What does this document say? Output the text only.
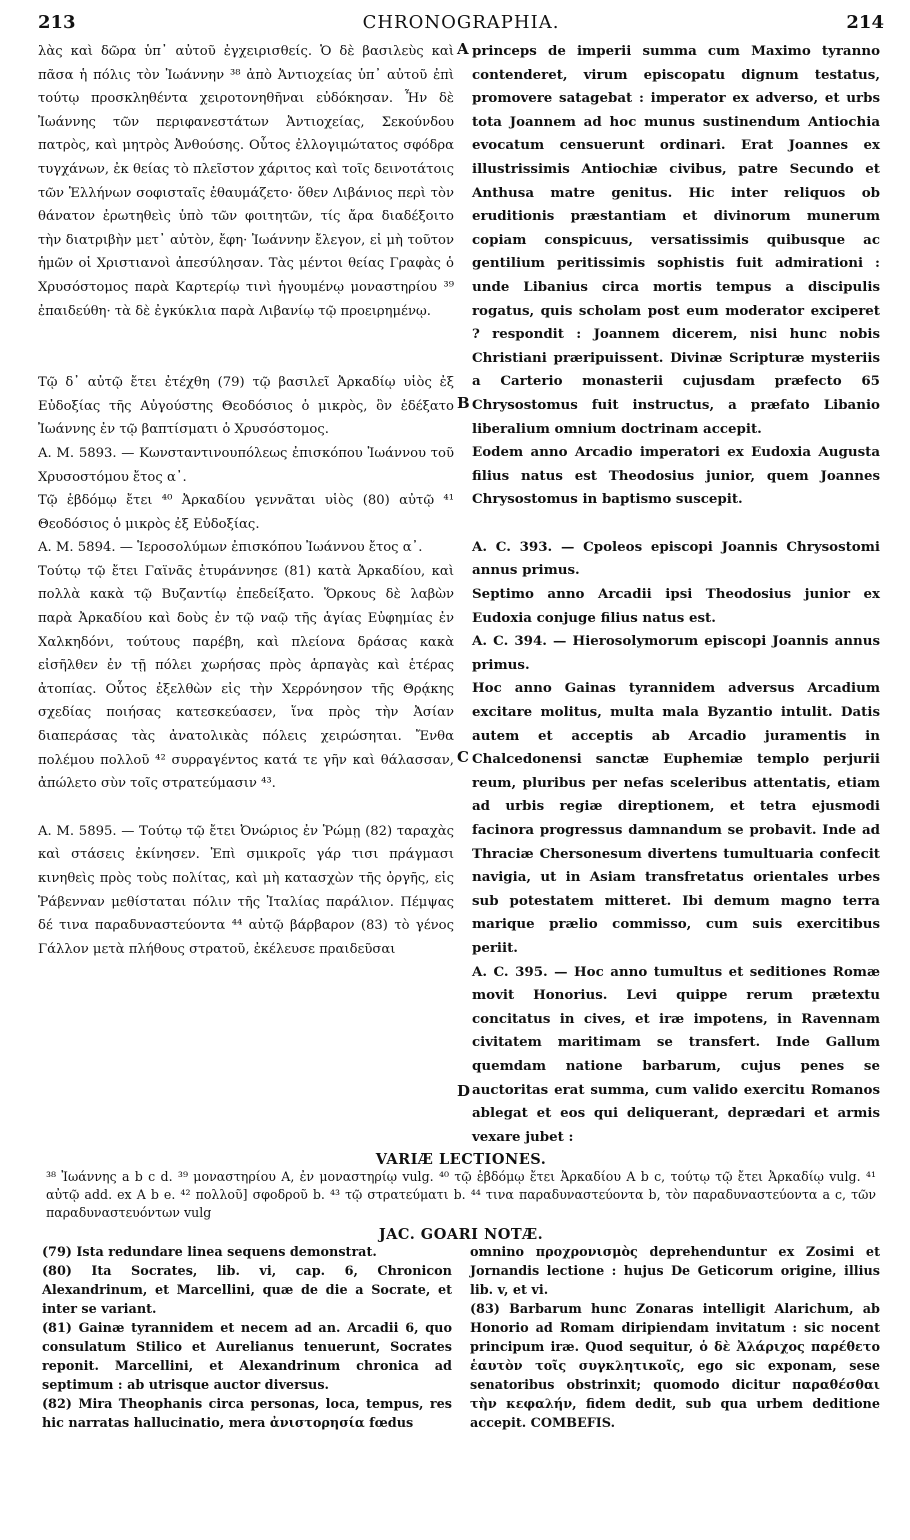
213	CHRONOGRAPHIA.	214

λὰς καὶ δῶρα ὑπ᾽ αὐτοῦ ἐγχειρισθείς. Ὁ δὲ βασιλεὺς καὶ πᾶσα ἡ πόλις τὸν Ἰωάννην ³⁸ ἀπὸ Ἀντιοχείας ὑπ᾽ αὐτοῦ ἐπὶ τούτῳ προσκληθέντα χειροτονηθῆναι εὐδόκησαν. Ἦν δὲ Ἰωάννης τῶν περιφανεστάτων Ἀντιοχείας, Σεκούνδου πατρὸς, καὶ μητρὸς Ἀνθούσης. Οὗτος ἐλλογιμώτατος σφόδρα τυγχάνων, ἐκ θείας τὸ πλεῖστον χάριτος καὶ τοῖς δεινοτάτοις τῶν Ἑλλήνων σοφισταῖς ἐθαυμάζετο· ὅθεν Λιβάνιος περὶ τὸν θάνατον ἐρωτηθεὶς ὑπὸ τῶν φοιτητῶν, τίς ἄρα διαδέξοιτο τὴν διατριβὴν μετ᾽ αὐτὸν, ἔφη· Ἰωάννην ἔλεγον, εἰ μὴ τοῦτον ἡμῶν οἱ Χριστιανοὶ ἀπεσύλησαν. Τὰς μέντοι θείας Γραφὰς ὁ Χρυσόστομος παρὰ Καρτερίῳ τινὶ ἡγουμένῳ μοναστηρίου ³⁹ ἐπαιδεύθη· τὰ δὲ ἐγκύκλια παρὰ Λιβανίῳ τῷ προειρημένῳ.

Τῷ δ᾽ αὐτῷ ἔτει ἐτέχθη (79) τῷ βασιλεῖ Ἀρκαδίῳ υἱὸς ἐξ Εὐδοξίας τῆς Αὐγούστης Θεοδόσιος ὁ μικρὸς, ὃν ἐδέξατο Ἰωάννης ἐν τῷ βαπτίσματι ὁ Χρυσόστομος.

A. M. 5893. — Κωνσταντινουπόλεως ἐπισκόπου Ἰωάννου τοῦ Χρυσοστόμου ἔτος α᾽.

Τῷ ἑβδόμῳ ἔτει ⁴⁰ Ἀρκαδίου γεννᾶται υἱὸς (80) αὐτῷ ⁴¹ Θεοδόσιος ὁ μικρὸς ἐξ Εὐδοξίας.

A. M. 5894. — Ἱεροσολύμων ἐπισκόπου Ἰωάννου ἔτος α᾽.

Τούτῳ τῷ ἔτει Γαϊνᾶς ἐτυράννησε (81) κατὰ Ἀρκαδίου, καὶ πολλὰ κακὰ τῷ Βυζαντίῳ ἐπεδείξατο. Ὅρκους δὲ λαβὼν παρὰ Ἀρκαδίου καὶ δοὺς ἐν τῷ ναῷ τῆς ἁγίας Εὐφημίας ἐν Χαλκηδόνι, τούτους παρέβη, καὶ πλείονα δράσας κακὰ εἰσῆλθεν ἐν τῇ πόλει χωρήσας πρὸς ἁρπαγὰς καὶ ἑτέρας ἀτοπίας. Οὗτος ἐξελθὼν εἰς τὴν Χερρόνησον τῆς Θρᾴκης σχεδίας ποιήσας κατεσκεύασεν, ἵνα πρὸς τὴν Ἀσίαν διαπεράσας τὰς ἀνατολικὰς πόλεις χειρώσηται. Ἔνθα πολέμου πολλοῦ ⁴² συρραγέντος κατά τε γῆν καὶ θάλασσαν, ἀπώλετο σὺν τοῖς στρατεύμασιν ⁴³.

A. M. 5895. — Τούτῳ τῷ ἔτει Ὀνώριος ἐν Ῥώμῃ (82) ταραχὰς καὶ στάσεις ἐκίνησεν. Ἐπὶ σμικροῖς γάρ τισι πράγμασι κινηθεὶς πρὸς τοὺς πολίτας, καὶ μὴ κατασχὼν τῆς ὀργῆς, εἰς Ῥάβενναν μεθίσταται πόλιν τῆς Ἰταλίας παράλιον. Πέμψας δέ τινα παραδυναστεύοντα ⁴⁴ αὐτῷ βάρβαρον (83) τὸ γένος Γάλλον μετὰ πλήθους στρατοῦ, ἐκέλευσε πραιδεῦσαι

A
B
C
D

princeps de imperii summa cum Maximo tyranno contenderet, virum episcopatu dignum testatus, promovere satagebat : imperator ex adverso, et urbs tota Joannem ad hoc munus sustinendum Antiochia evocatum censuerunt ordinari. Erat Joannes ex illustrissimis Antiochiæ civibus, patre Secundo et Anthusa matre genitus. Hic inter reliquos ob eruditionis præstantiam et divinorum munerum copiam conspicuus, versatissimis quibusque ac gentilium peritissimis sophistis fuit admirationi : unde Libanius circa mortis tempus a discipulis rogatus, quis scholam post eum moderator exciperet ? respondit : Joannem dicerem, nisi hunc nobis Christiani præripuissent. Divinæ Scripturæ mysteriis a Carterio monasterii cujusdam præfecto 65 Chrysostomus fuit instructus, a præfato Libanio liberalium omnium doctrinam accepit.

Eodem anno Arcadio imperatori ex Eudoxia Augusta filius natus est Theodosius junior, quem Joannes Chrysostomus in baptismo suscepit.

A. C. 393. — Cpoleos episcopi Joannis Chrysostomi annus primus.

Septimo anno Arcadii ipsi Theodosius junior ex Eudoxia conjuge filius natus est.

A. C. 394. — Hierosolymorum episcopi Joannis annus primus.

Hoc anno Gainas tyrannidem adversus Arcadium excitare molitus, multa mala Byzantio intulit. Datis autem et acceptis ab Arcadio juramentis in Chalcedonensi sanctæ Euphemiæ templo perjurii reum, pluribus per nefas sceleribus attentatis, etiam ad urbis regiæ direptionem, et tetra ejusmodi facinora progressus damnandum se probavit. Inde ad Thraciæ Chersonesum divertens tumultuaria confecit navigia, ut in Asiam transfretatus orientales urbes sub potestatem mitteret. Ibi demum magno terra marique prælio commisso, cum suis exercitibus periit.

A. C. 395. — Hoc anno tumultus et seditiones Romæ movit Honorius. Levi quippe rerum prætextu concitatus in cives, et iræ impotens, in Ravennam civitatem maritimam se transfert. Inde Gallum quemdam natione barbarum, cujus penes se auctoritas erat summa, cum valido exercitu Romanos ablegat et eos qui deliquerant, deprædari et armis vexare jubet :

VARIÆ LECTIONES.
³⁸ Ἰωάννης a b c d. ³⁹ μοναστηρίου A, ἐν μοναστηρίῳ vulg. ⁴⁰ τῷ ἑβδόμῳ ἔτει Ἀρκαδίου A b c, τούτῳ τῷ ἔτει Ἀρκαδίῳ vulg. ⁴¹ αὐτῷ add. ex A b e. ⁴² πολλοῦ] σφοδροῦ b. ⁴³ τῷ στρατεύματι b. ⁴⁴ τινα παραδυναστεύοντα b, τὸν παραδυναστεύοντα a c, τῶν παραδυναστευόντων vulg
JAC. GOARI NOTÆ.

(79) Ista redundare linea sequens demonstrat.

(80) Ita Socrates, lib. vi, cap. 6, Chronicon Alexandrinum, et Marcellini, quæ de die a Socrate, et inter se variant.

(81) Gainæ tyrannidem et necem ad an. Arcadii 6, quo consulatum Stilico et Aurelianus tenuerunt, Socrates reponit. Marcellini, et Alexandrinum chronica ad septimum : ab utrisque auctor diversus.

(82) Mira Theophanis circa personas, loca, tempus, res hic narratas hallucinatio, mera ἀνιστορησία fœdus

omnino προχρονισμὸς deprehenduntur ex Zosimi et Jornandis lectione : hujus De Geticorum origine, illius lib. v, et vi.

(83) Barbarum hunc Zonaras intelligit Alarichum, ab Honorio ad Romam diripiendam invitatum : sic nocent principum iræ. Quod sequitur, ὁ δὲ Ἀλάριχος παρέθετο ἑαυτὸν τοῖς συγκλητικοῖς, ego sic exponam, sese senatoribus obstrinxit; quomodo dicitur παραθέσθαι τὴν κεφαλήν, fidem dedit, sub qua urbem deditione accepit. COMBEFIS.
